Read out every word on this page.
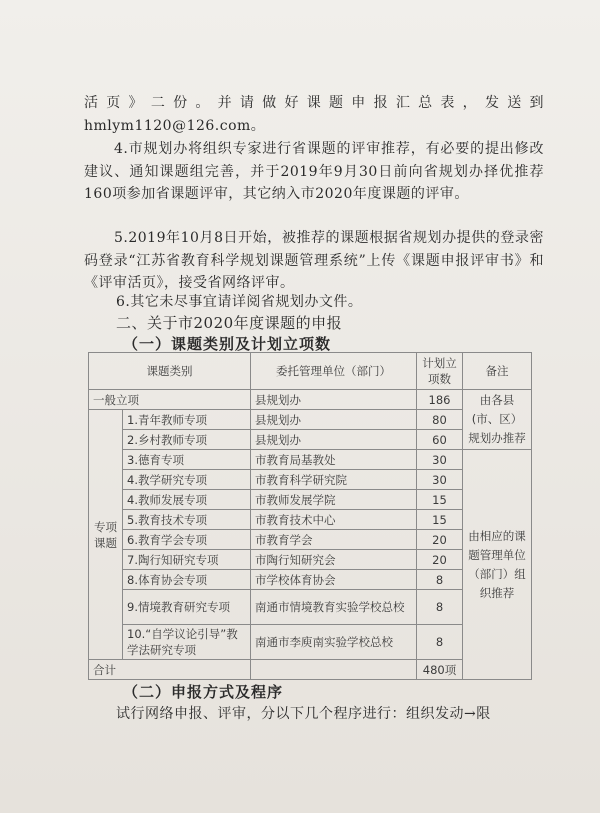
活页》二份。并请做好课题申报汇总表，发送到hmlym1120@126.com。

4.市规划办将组织专家进行省课题的评审推荐，有必要的提出修改建议、通知课题组完善，并于2019年9月30日前向省规划办择优推荐160项参加省课题评审，其它纳入市2020年度课题的评审。

5.2019年10月8日开始，被推荐的课题根据省规划办提供的登录密码登录“江苏省教育科学规划课题管理系统”上传《课题申报评审书》和《评审活页》，接受省网络评审。

6.其它未尽事宜请详阅省规划办文件。
二、关于市2020年度课题的申报
（一）课题类别及计划立项数
课题类别		委托管理单位（部门）	计划立项数	备注	
一般立项		县规划办	186	由各县(市、区）规划办推荐	
专项课题	1.青年教师专项	县规划办	80		
	2.乡村教师专项	县规划办	60		
	3.德育专项	市教育局基教处	30	由相应的课题管理单位（部门）组织推荐	
	4.教学研究专项	市教育科学研究院	30		
	4.教师发展专项	市教师发展学院	15		
	5.教育技术专项	市教育技术中心	15		
	6.教育学会专项	市教育学会	20		
	7.陶行知研究专项	市陶行知研究会	20		
	8.体育协会专项	市学校体育协会	8		
	9.情境教育研究专项	南通市情境教育实验学校总校	8		
	10.“自学议论引导”教学法研究专项	南通市李庾南实验学校总校	8		
合计			480项		
（二）申报方式及程序
试行网络申报、评审，分以下几个程序进行：组织发动→限
